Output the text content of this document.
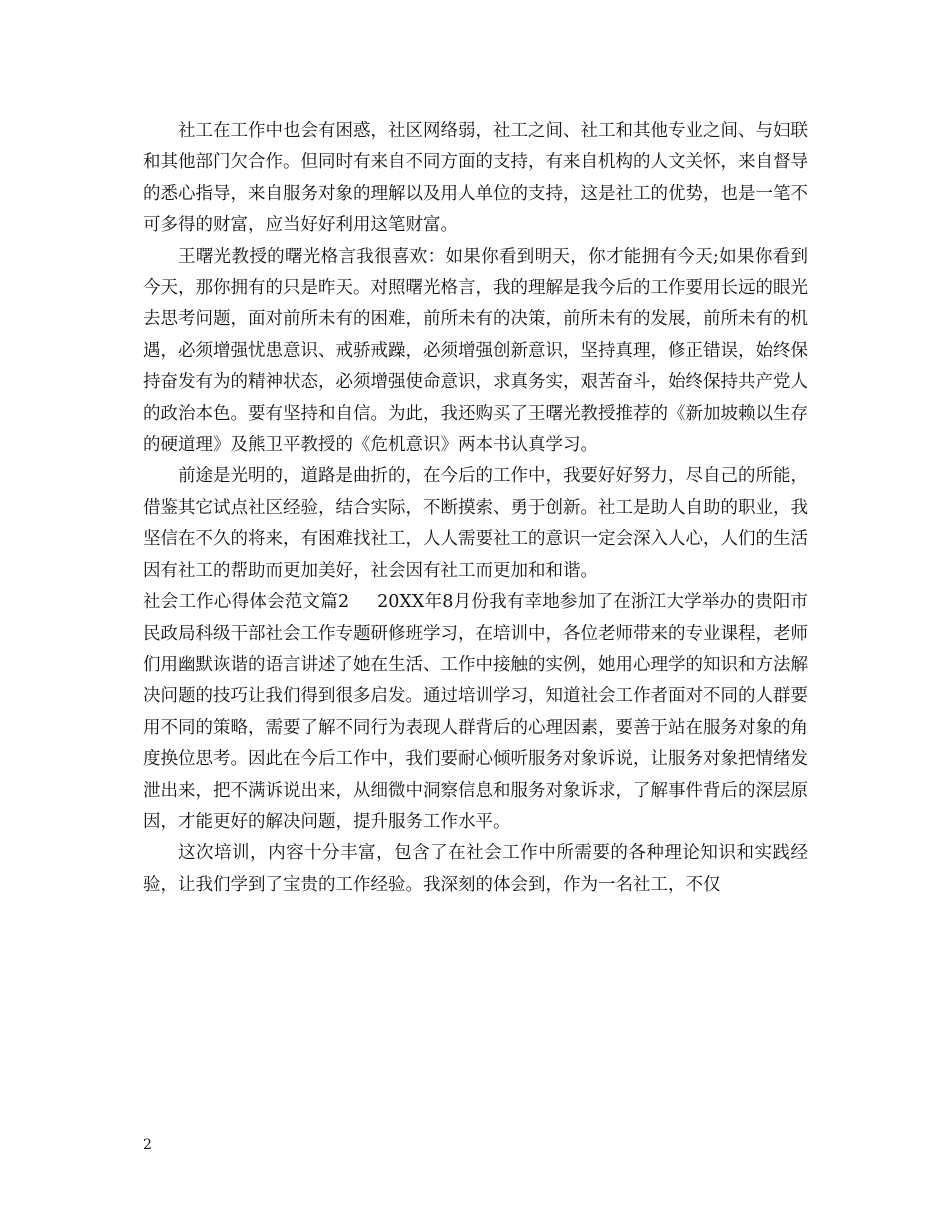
社工在工作中也会有困惑，社区网络弱，社工之间、社工和其他专业之间、与妇联和其他部门欠合作。但同时有来自不同方面的支持，有来自机构的人文关怀，来自督导的悉心指导，来自服务对象的理解以及用人单位的支持，这是社工的优势，也是一笔不可多得的财富，应当好好利用这笔财富。

王曙光教授的曙光格言我很喜欢：如果你看到明天，你才能拥有今天;如果你看到今天，那你拥有的只是昨天。对照曙光格言，我的理解是我今后的工作要用长远的眼光去思考问题，面对前所未有的困难，前所未有的决策，前所未有的发展，前所未有的机遇，必须增强忧患意识、戒骄戒躁，必须增强创新意识，坚持真理，修正错误，始终保持奋发有为的精神状态，必须增强使命意识，求真务实，艰苦奋斗，始终保持共产党人的政治本色。要有坚持和自信。为此，我还购买了王曙光教授推荐的《新加坡赖以生存的硬道理》及熊卫平教授的《危机意识》两本书认真学习。

前途是光明的，道路是曲折的，在今后的工作中，我要好好努力，尽自己的所能，借鉴其它试点社区经验，结合实际，不断摸索、勇于创新。社工是助人自助的职业，我坚信在不久的将来，有困难找社工，人人需要社工的意识一定会深入人心，人们的生活因有社工的帮助而更加美好，社会因有社工而更加和和谐。

社会工作心得体会范文篇2 20XX年8月份我有幸地参加了在浙江大学举办的贵阳市民政局科级干部社会工作专题研修班学习，在培训中，各位老师带来的专业课程，老师们用幽默诙谐的语言讲述了她在生活、工作中接触的实例，她用心理学的知识和方法解决问题的技巧让我们得到很多启发。通过培训学习，知道社会工作者面对不同的人群要用不同的策略，需要了解不同行为表现人群背后的心理因素，要善于站在服务对象的角度换位思考。因此在今后工作中，我们要耐心倾听服务对象诉说，让服务对象把情绪发泄出来，把不满诉说出来，从细微中洞察信息和服务对象诉求，了解事件背后的深层原因，才能更好的解决问题，提升服务工作水平。

这次培训，内容十分丰富，包含了在社会工作中所需要的各种理论知识和实践经验，让我们学到了宝贵的工作经验。我深刻的体会到，作为一名社工，不仅

2
